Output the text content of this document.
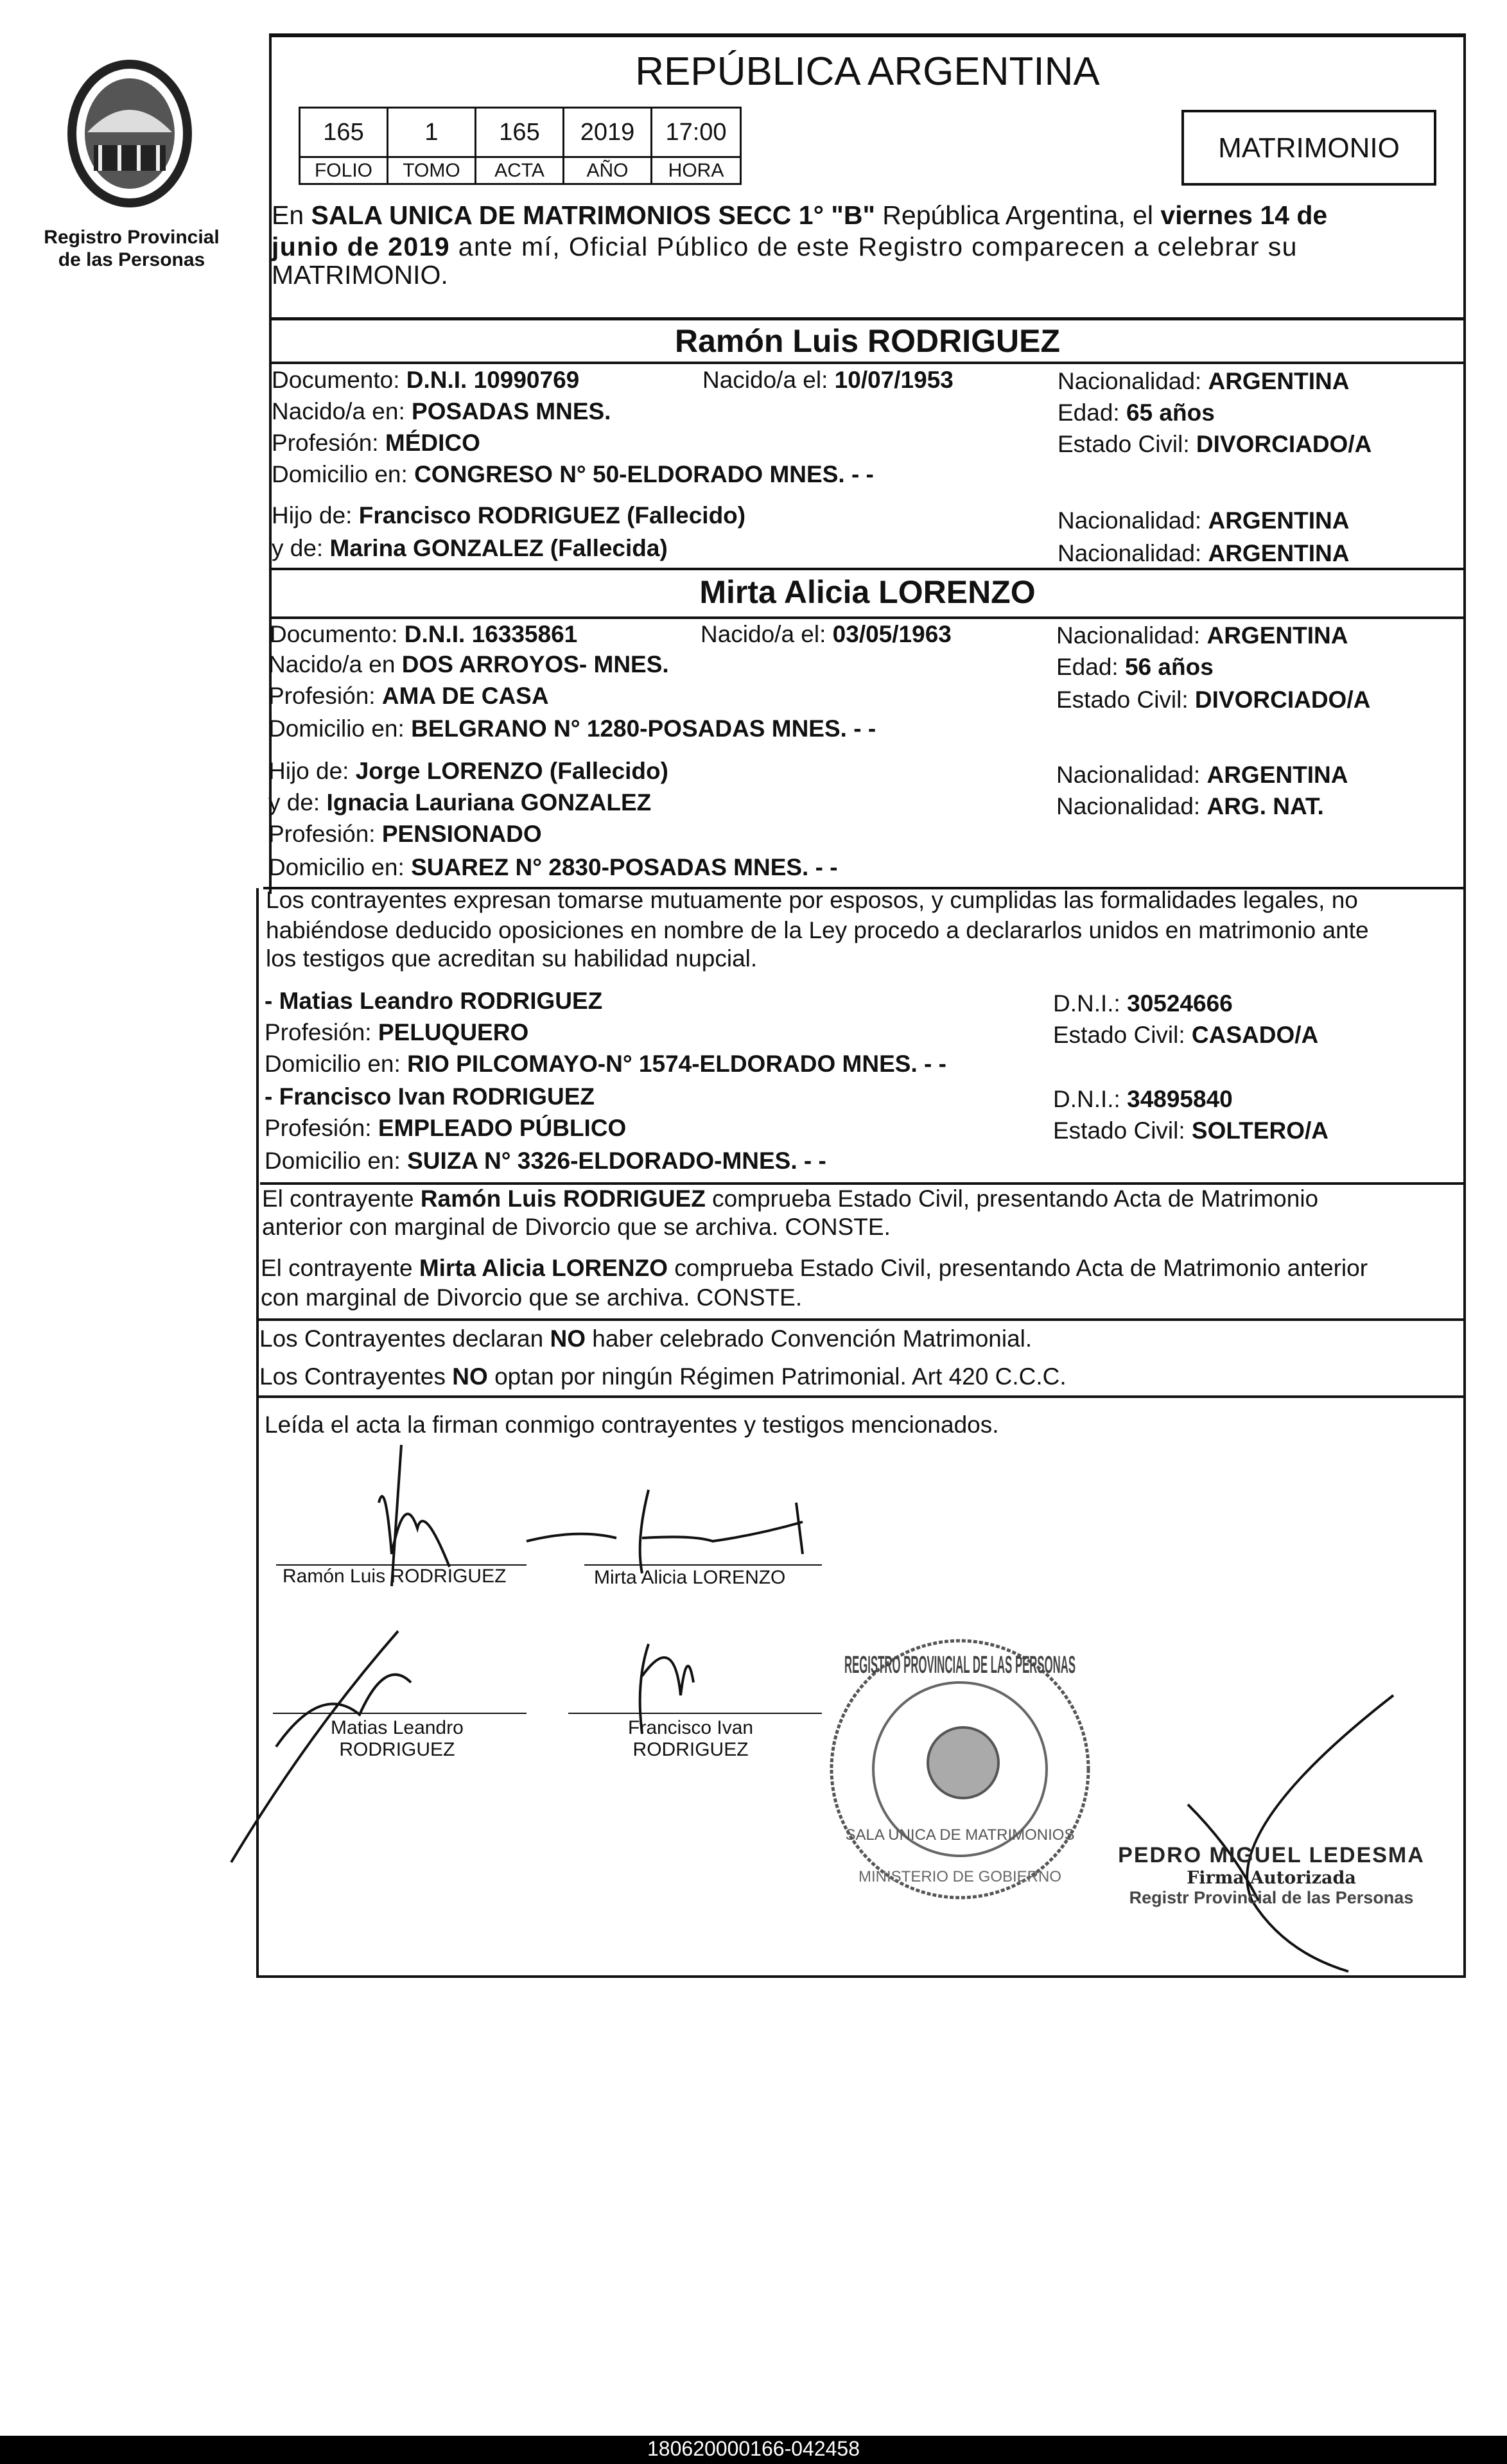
Registro Provincial
de las Personas
REPÚBLICA ARGENTINA
165	1	165	2019	17:00
FOLIO	TOMO	ACTA	AÑO	HORA
MATRIMONIO
En SALA UNICA DE MATRIMONIOS SECC 1° "B" República Argentina, el viernes 14 de
junio de 2019 ante mí, Oficial Público de este Registro comparecen a celebrar su
MATRIMONIO.
Ramón Luis RODRIGUEZ
Documento: D.N.I. 10990769	Nacido/a el: 10/07/1953	Nacionalidad: ARGENTINA
Nacido/a en: POSADAS MNES.	Edad: 65 años
Profesión: MÉDICO	Estado Civil: DIVORCIADO/A
Domicilio en: CONGRESO N° 50-ELDORADO MNES. - -
Hijo de: Francisco RODRIGUEZ (Fallecido)	Nacionalidad: ARGENTINA
y de: Marina GONZALEZ (Fallecida)	Nacionalidad: ARGENTINA
Mirta Alicia LORENZO
Documento: D.N.I. 16335861	Nacido/a el: 03/05/1963	Nacionalidad: ARGENTINA
Nacido/a en DOS ARROYOS- MNES.	Edad: 56 años
Profesión: AMA DE CASA	Estado Civil: DIVORCIADO/A
Domicilio en: BELGRANO N° 1280-POSADAS MNES. - -
Hijo de: Jorge LORENZO (Fallecido)	Nacionalidad: ARGENTINA
y de: Ignacia Lauriana GONZALEZ	Nacionalidad: ARG. NAT.
Profesión: PENSIONADO
Domicilio en: SUAREZ N° 2830-POSADAS MNES. - -
Los contrayentes expresan tomarse mutuamente por esposos, y cumplidas las formalidades legales, no
habiéndose deducido oposiciones en nombre de la Ley procedo a declararlos unidos en matrimonio ante
los testigos que acreditan su habilidad nupcial.
- Matias Leandro RODRIGUEZ	D.N.I.: 30524666
Profesión: PELUQUERO	Estado Civil: CASADO/A
Domicilio en: RIO PILCOMAYO-N° 1574-ELDORADO MNES. - -
- Francisco Ivan RODRIGUEZ	D.N.I.: 34895840
Profesión: EMPLEADO PÚBLICO	Estado Civil: SOLTERO/A
Domicilio en: SUIZA N° 3326-ELDORADO-MNES. - -
El contrayente Ramón Luis RODRIGUEZ comprueba Estado Civil, presentando Acta de Matrimonio
anterior con marginal de Divorcio que se archiva. CONSTE.
El contrayente Mirta Alicia LORENZO comprueba Estado Civil, presentando Acta de Matrimonio anterior
con marginal de Divorcio que se archiva. CONSTE.
Los Contrayentes declaran NO haber celebrado Convención Matrimonial.
Los Contrayentes NO optan por ningún Régimen Patrimonial. Art 420 C.C.C.
Leída el acta la firman conmigo contrayentes y testigos mencionados.
Ramón Luis RODRIGUEZ	Mirta Alicia LORENZO
Matias Leandro
RODRIGUEZ
Francisco Ivan
RODRIGUEZ
REGISTRO PROVINCIAL DE LAS PERSONAS
SALA UNICA DE MATRIMONIOS
MINISTERIO DE GOBIERNO
PEDRO MIGUEL LEDESMA
Firma Autorizada
Registr Provincial de las Personas
180620000166-042458
